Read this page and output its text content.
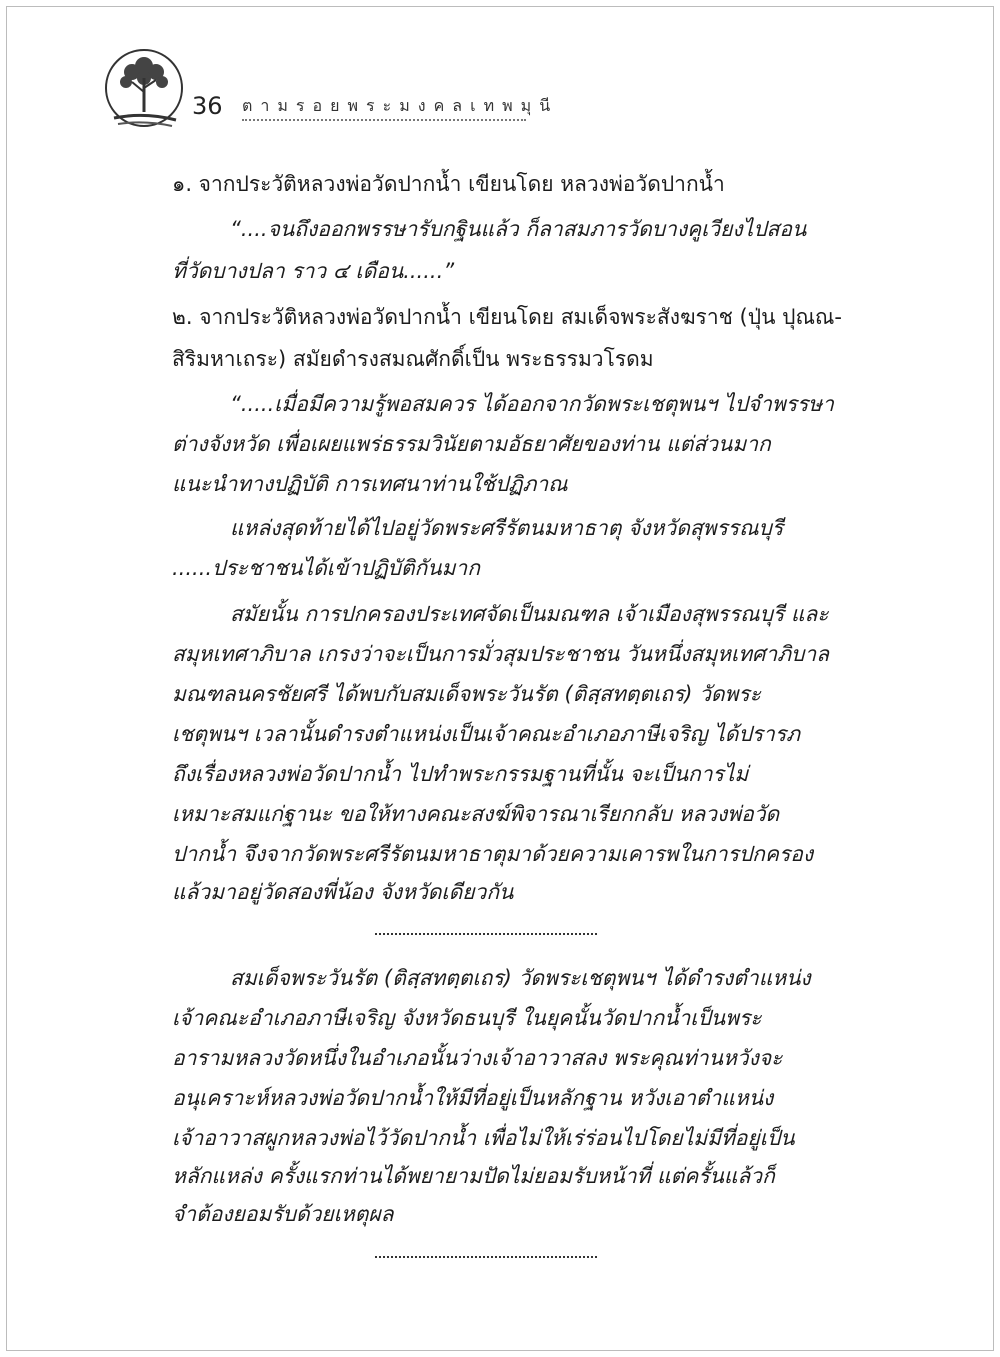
36 ตามรอยพระมงคลเทพมุนี
๑. จากประวัติหลวงพ่อวัดปากน้ำ เขียนโดย หลวงพ่อวัดปากน้ำ
“....จนถึงออกพรรษารับกฐินแล้ว ก็ลาสมภารวัดบางคูเวียงไปสอน
ที่วัดบางปลา ราว ๔ เดือน......”
๒. จากประวัติหลวงพ่อวัดปากน้ำ เขียนโดย สมเด็จพระสังฆราช (ปุ่น ปุณณ-
สิริมหาเถระ) สมัยดำรงสมณศักดิ์เป็น พระธรรมวโรดม
“.....เมื่อมีความรู้พอสมควร ได้ออกจากวัดพระเชตุพนฯ ไปจำพรรษา
ต่างจังหวัด เพื่อเผยแพร่ธรรมวินัยตามอัธยาศัยของท่าน แต่ส่วนมาก
แนะนำทางปฏิบัติ การเทศนาท่านใช้ปฏิภาณ
แหล่งสุดท้ายได้ไปอยู่วัดพระศรีรัตนมหาธาตุ จังหวัดสุพรรณบุรี
......ประชาชนได้เข้าปฏิบัติกันมาก
สมัยนั้น การปกครองประเทศจัดเป็นมณฑล เจ้าเมืองสุพรรณบุรี และ
สมุหเทศาภิบาล เกรงว่าจะเป็นการมั่วสุมประชาชน วันหนึ่งสมุหเทศาภิบาล
มณฑลนครชัยศรี ได้พบกับสมเด็จพระวันรัต (ติสฺสทตฺตเถร) วัดพระ
เชตุพนฯ เวลานั้นดำรงตำแหน่งเป็นเจ้าคณะอำเภอภาษีเจริญ ได้ปรารภ
ถึงเรื่องหลวงพ่อวัดปากน้ำ ไปทำพระกรรมฐานที่นั้น จะเป็นการไม่
เหมาะสมแก่ฐานะ ขอให้ทางคณะสงฆ์พิจารณาเรียกกลับ หลวงพ่อวัด
ปากน้ำ จึงจากวัดพระศรีรัตนมหาธาตุมาด้วยความเคารพในการปกครอง
แล้วมาอยู่วัดสองพี่น้อง จังหวัดเดียวกัน
สมเด็จพระวันรัต (ติสฺสทตฺตเถร) วัดพระเชตุพนฯ ได้ดำรงตำแหน่ง
เจ้าคณะอำเภอภาษีเจริญ จังหวัดธนบุรี ในยุคนั้นวัดปากน้ำเป็นพระ
อารามหลวงวัดหนึ่งในอำเภอนั้นว่างเจ้าอาวาสลง พระคุณท่านหวังจะ
อนุเคราะห์หลวงพ่อวัดปากน้ำให้มีที่อยู่เป็นหลักฐาน หวังเอาตำแหน่ง
เจ้าอาวาสผูกหลวงพ่อไว้วัดปากน้ำ เพื่อไม่ให้เร่ร่อนไปโดยไม่มีที่อยู่เป็น
หลักแหล่ง ครั้งแรกท่านได้พยายามปัดไม่ยอมรับหน้าที่ แต่ครั้นแล้วก็
จำต้องยอมรับด้วยเหตุผล
